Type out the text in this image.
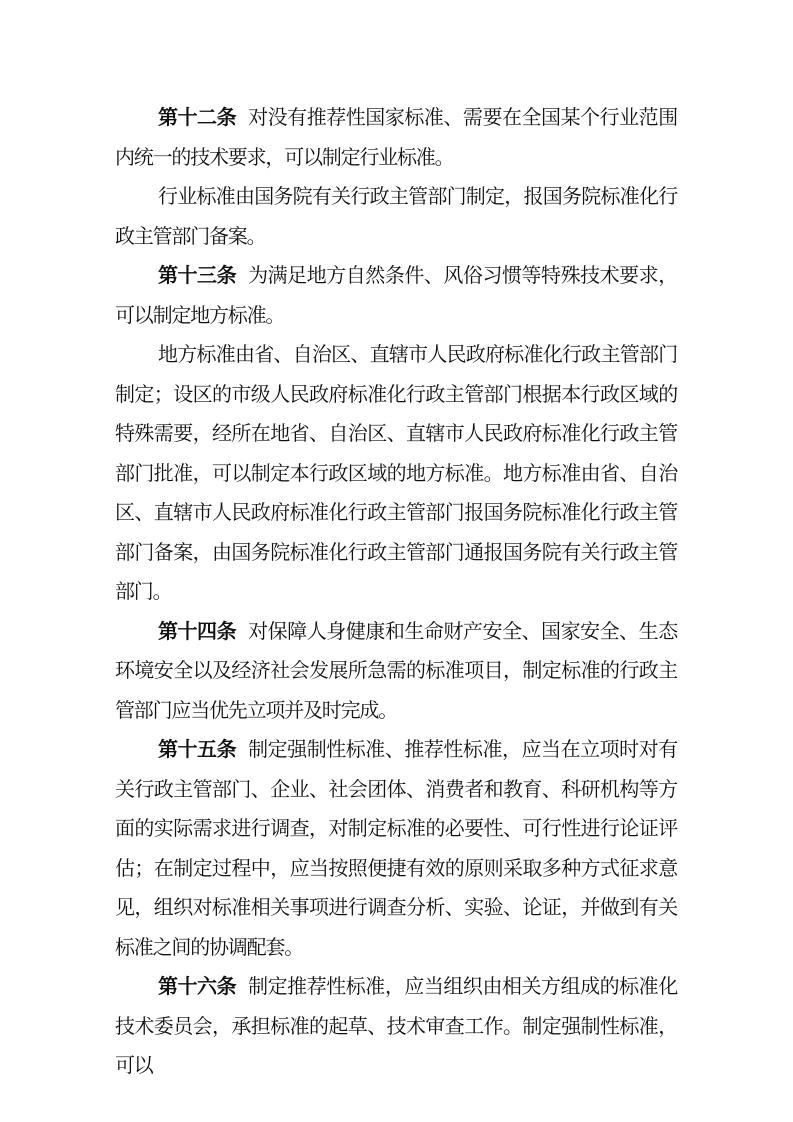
第十二条 对没有推荐性国家标准、需要在全国某个行业范围内统一的技术要求，可以制定行业标准。

行业标准由国务院有关行政主管部门制定，报国务院标准化行政主管部门备案。

第十三条 为满足地方自然条件、风俗习惯等特殊技术要求，可以制定地方标准。

地方标准由省、自治区、直辖市人民政府标准化行政主管部门制定；设区的市级人民政府标准化行政主管部门根据本行政区域的特殊需要，经所在地省、自治区、直辖市人民政府标准化行政主管部门批准，可以制定本行政区域的地方标准。地方标准由省、自治区、直辖市人民政府标准化行政主管部门报国务院标准化行政主管部门备案，由国务院标准化行政主管部门通报国务院有关行政主管部门。

第十四条 对保障人身健康和生命财产安全、国家安全、生态环境安全以及经济社会发展所急需的标准项目，制定标准的行政主管部门应当优先立项并及时完成。

第十五条 制定强制性标准、推荐性标准，应当在立项时对有关行政主管部门、企业、社会团体、消费者和教育、科研机构等方面的实际需求进行调查，对制定标准的必要性、可行性进行论证评估；在制定过程中，应当按照便捷有效的原则采取多种方式征求意见，组织对标准相关事项进行调查分析、实验、论证，并做到有关标准之间的协调配套。

第十六条 制定推荐性标准，应当组织由相关方组成的标准化技术委员会，承担标准的起草、技术审查工作。制定强制性标准，可以
